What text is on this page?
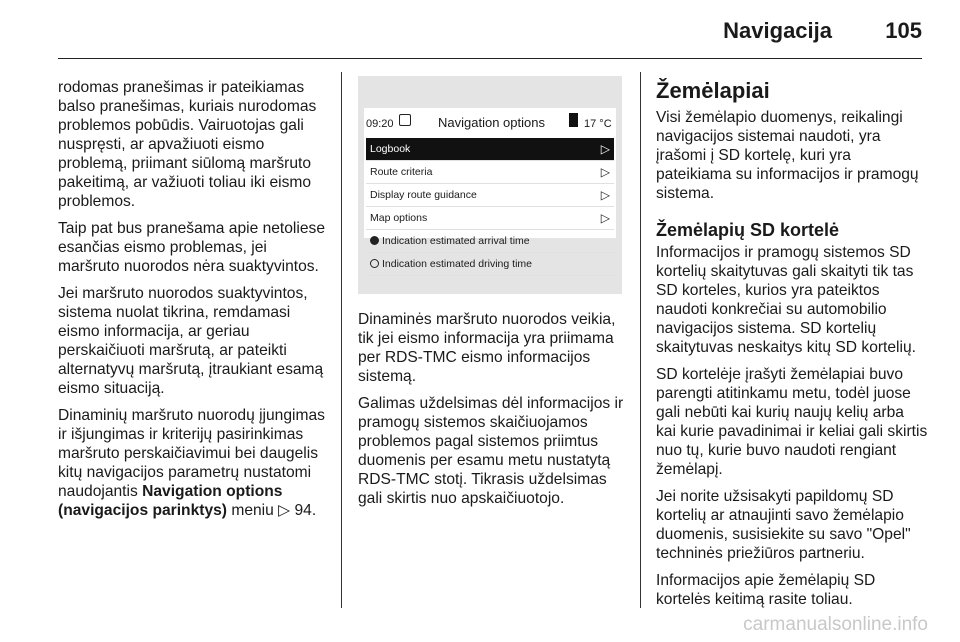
Navigacija 105

rodomas pranešimas ir pateikiamas balso pranešimas, kuriais nurodomas problemos pobūdis. Vairuotojas gali nuspręsti, ar apvažiuoti eismo problemą, priimant siūlomą maršruto pakeitimą, ar važiuoti toliau iki eismo problemos.

Taip pat bus pranešama apie netoliese esančias eismo problemas, jei maršruto nuorodos nėra suaktyvintos.

Jei maršruto nuorodos suaktyvintos, sistema nuolat tikrina, remdamasi eismo informacija, ar geriau perskaičiuoti maršrutą, ar pateikti alternatyvų maršrutą, įtraukiant esamą eismo situaciją.

Dinaminių maršruto nuorodų įjungimas ir išjungimas ir kriterijų pasirinkimas maršruto perskaičiavimui bei daugelis kitų navigacijos parametrų nustatomi naudojantis Navigation options (navigacijos parinktys) meniu ▷ 94.

09:20	Navigation options	17 °C
Logbook	▷
Route criteria	▷
Display route guidance	▷
Map options	▷
Indication estimated arrival time
Indication estimated driving time

Dinaminės maršruto nuorodos veikia, tik jei eismo informacija yra priimama per RDS-TMC eismo informacijos sistemą.

Galimas uždelsimas dėl informacijos ir pramogų sistemos skaičiuojamos problemos pagal sistemos priimtus duomenis per esamu metu nustatytą RDS-TMC stotį. Tikrasis uždelsimas gali skirtis nuo apskaičiuotojo.

Žemėlapiai

Visi žemėlapio duomenys, reikalingi navigacijos sistemai naudoti, yra įrašomi į SD kortelę, kuri yra pateikiama su informacijos ir pramogų sistema.

Žemėlapių SD kortelė

Informacijos ir pramogų sistemos SD kortelių skaitytuvas gali skaityti tik tas SD korteles, kurios yra pateiktos naudoti konkrečiai su automobilio navigacijos sistema. SD kortelių skaitytuvas neskaitys kitų SD kortelių.

SD kortelėje įrašyti žemėlapiai buvo parengti atitinkamu metu, todėl juose gali nebūti kai kurių naujų kelių arba kai kurie pavadinimai ir keliai gali skirtis nuo tų, kurie buvo naudoti rengiant žemėlapį.

Jei norite užsisakyti papildomų SD kortelių ar atnaujinti savo žemėlapio duomenis, susisiekite su savo "Opel" techninės priežiūros partneriu.

Informacijos apie žemėlapių SD kortelės keitimą rasite toliau.

carmanualsonline.info
